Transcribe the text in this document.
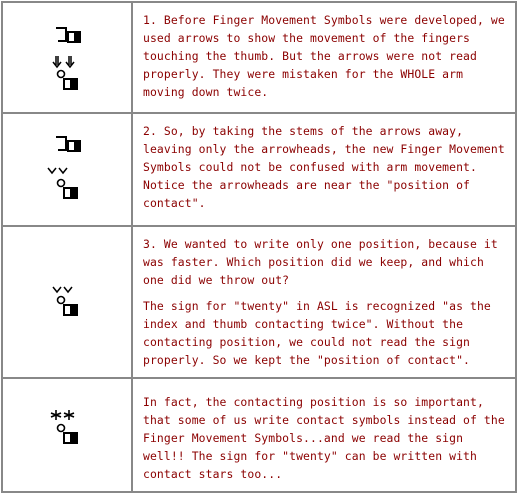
1. Before Finger Movement Symbols were developed, we used arrows to show the movement of the fingers touching the thumb. But the arrows were not read properly. They were mistaken for the WHOLE arm moving down twice.

2. So, by taking the stems of the arrows away, leaving only the arrowheads, the new Finger Movement Symbols could not be confused with arm movement. Notice the arrowheads are near the "position of contact".

3. We wanted to write only one position, because it was faster. Which position did we keep, and which one did we throw out?

The sign for "twenty" in ASL is recognized "as the index and thumb contacting twice". Without the contacting position, we could not read the sign properly. So we kept the "position of contact".

In fact, the contacting position is so important, that some of us write contact symbols instead of the Finger Movement Symbols...and we read the sign well!! The sign for "twenty" can be written with contact stars too...
